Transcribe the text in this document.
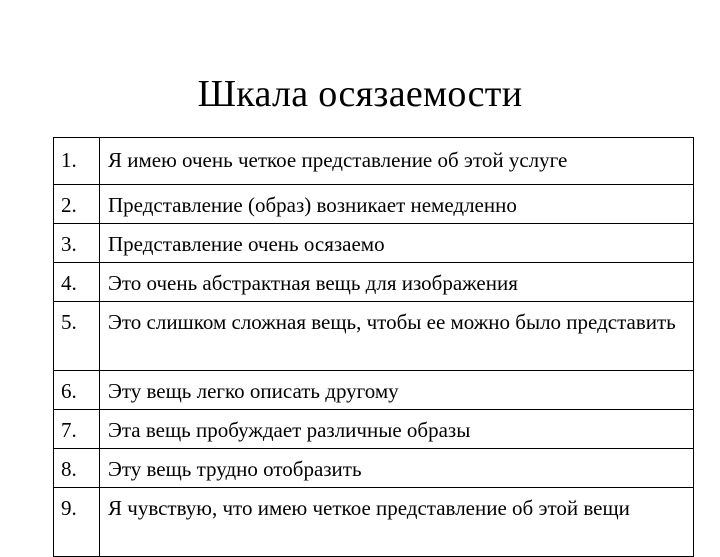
Шкала осязаемости
1.	Я имею очень четкое представление об этой услуге
2.	Представление (образ) возникает немедленно
3.	Представление очень осязаемо
4.	Это очень абстрактная вещь для изображения
5.	Это слишком сложная вещь, чтобы ее можно было представить
6.	Эту вещь легко описать другому
7.	Эта вещь пробуждает различные образы
8.	Эту вещь трудно отобразить
9.	Я чувствую, что имею четкое представление об этой вещи
